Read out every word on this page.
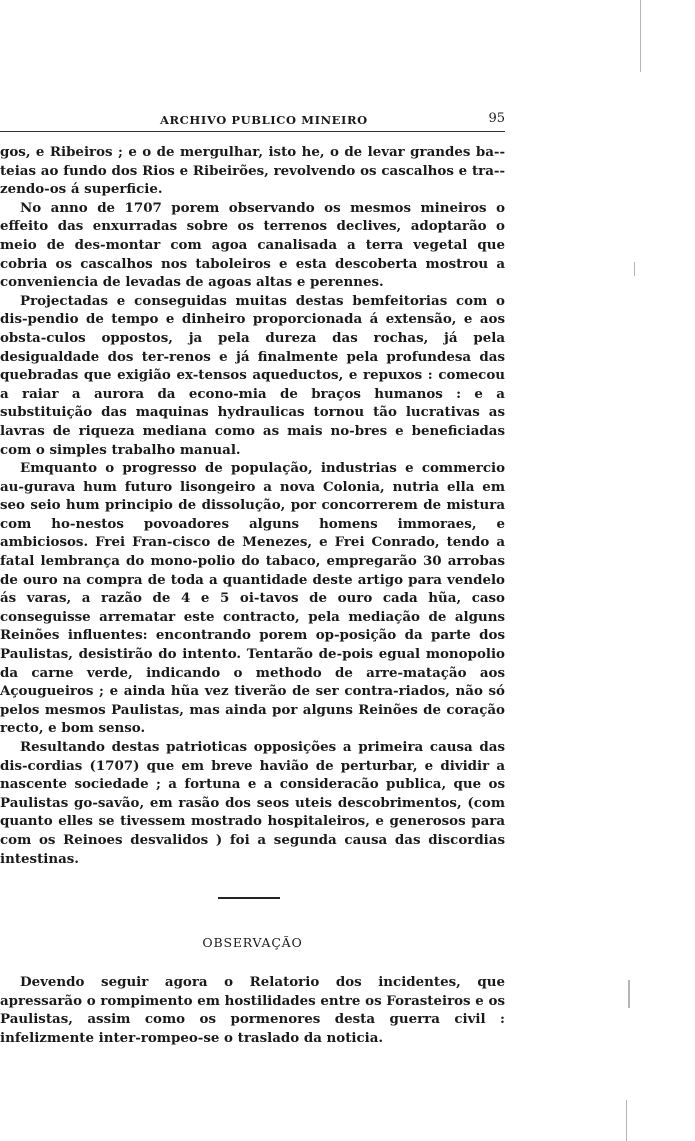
ARCHIVO PUBLICO MINEIRO	95

gos, e Ribeiros ; e o de mergulhar, isto he, o de levar grandes ba-teias ao fundo dos Rios e Ribeirões, revolvendo os cascalhos e tra-zendo-os á superficie.

No anno de 1707 porem observando os mesmos mineiros o effeito das enxurradas sobre os terrenos declives, adoptarão o meio de des-montar com agoa canalisada a terra vegetal que cobria os cascalhos nos taboleiros e esta descoberta mostrou a conveniencia de levadas de agoas altas e perennes.

Projectadas e conseguidas muitas destas bemfeitorias com o dis-pendio de tempo e dinheiro proporcionada á extensão, e aos obsta-culos oppostos, ja pela dureza das rochas, já pela desigualdade dos ter-renos e já finalmente pela profundesa das quebradas que exigião ex-tensos aqueductos, e repuxos : comecou a raiar a aurora da econo-mia de braços humanos : e a substituição das maquinas hydraulicas tornou tão lucrativas as lavras de riqueza mediana como as mais no-bres e beneficiadas com o simples trabalho manual.

Emquanto o progresso de população, industrias e commercio au-gurava hum futuro lisongeiro a nova Colonia, nutria ella em seo seio hum principio de dissolução, por concorrerem de mistura com ho-nestos povoadores alguns homens immoraes, e ambiciosos. Frei Fran-cisco de Menezes, e Frei Conrado, tendo a fatal lembrança do mono-polio do tabaco, empregarão 30 arrobas de ouro na compra de toda a quantidade deste artigo para vendelo ás varas, a razão de 4 e 5 oi-tavos de ouro cada hũa, caso conseguisse arrematar este contracto, pela mediação de alguns Reinões influentes: encontrando porem op-posição da parte dos Paulistas, desistirão do intento. Tentarão de-pois egual monopolio da carne verde, indicando o methodo de arre-matação aos Açougueiros ; e ainda hũa vez tiverão de ser contra-riados, não só pelos mesmos Paulistas, mas ainda por alguns Reinões de coração recto, e bom senso.

Resultando destas patrioticas opposições a primeira causa das dis-cordias (1707) que em breve havião de perturbar, e dividir a nascente sociedade ; a fortuna e a consideracão publica, que os Paulistas go-savão, em rasão dos seos uteis descobrimentos, (com quanto elles se tivessem mostrado hospitaleiros, e generosos para com os Reinoes desvalidos ) foi a segunda causa das discordias intestinas.

OBSERVAÇÃO

Devendo seguir agora o Relatorio dos incidentes, que apressarão o rompimento em hostilidades entre os Forasteiros e os Paulistas, assim como os pormenores desta guerra civil : infelizmente inter-rompeo-se o traslado da noticia.
